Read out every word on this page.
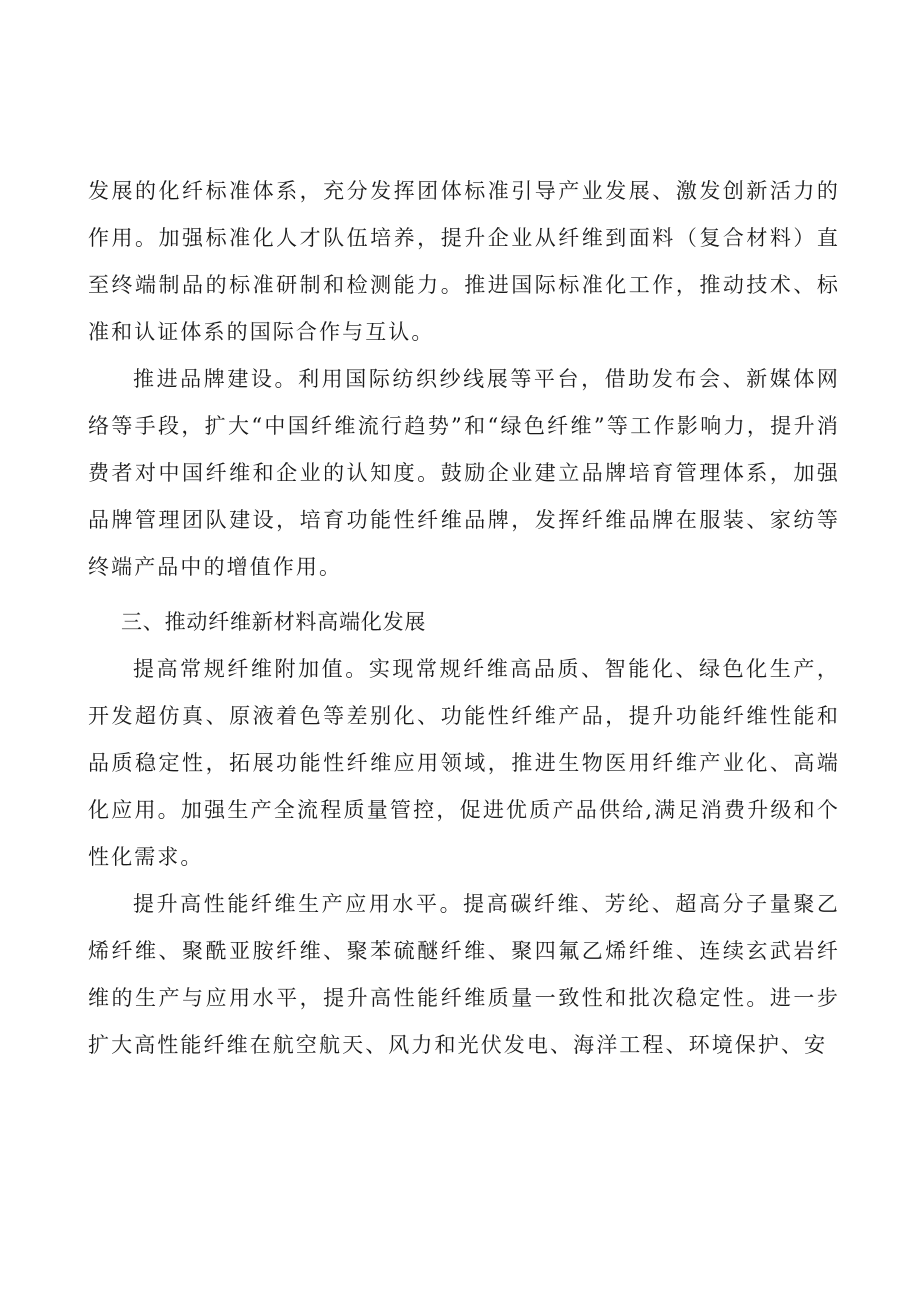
发展的化纤标准体系，充分发挥团体标准引导产业发展、激发创新活力的作用。加强标准化人才队伍培养，提升企业从纤维到面料（复合材料）直至终端制品的标准研制和检测能力。推进国际标准化工作，推动技术、标准和认证体系的国际合作与互认。

推进品牌建设。利用国际纺织纱线展等平台，借助发布会、新媒体网络等手段，扩大“中国纤维流行趋势”和“绿色纤维”等工作影响力，提升消费者对中国纤维和企业的认知度。鼓励企业建立品牌培育管理体系，加强品牌管理团队建设，培育功能性纤维品牌，发挥纤维品牌在服装、家纺等终端产品中的增值作用。

三、推动纤维新材料高端化发展

提高常规纤维附加值。实现常规纤维高品质、智能化、绿色化生产，开发超仿真、原液着色等差别化、功能性纤维产品，提升功能纤维性能和品质稳定性，拓展功能性纤维应用领域，推进生物医用纤维产业化、高端化应用。加强生产全流程质量管控，促进优质产品供给,满足消费升级和个性化需求。

提升高性能纤维生产应用水平。提高碳纤维、芳纶、超高分子量聚乙烯纤维、聚酰亚胺纤维、聚苯硫醚纤维、聚四氟乙烯纤维、连续玄武岩纤维的生产与应用水平，提升高性能纤维质量一致性和批次稳定性。进一步扩大高性能纤维在航空航天、风力和光伏发电、海洋工程、环境保护、安
